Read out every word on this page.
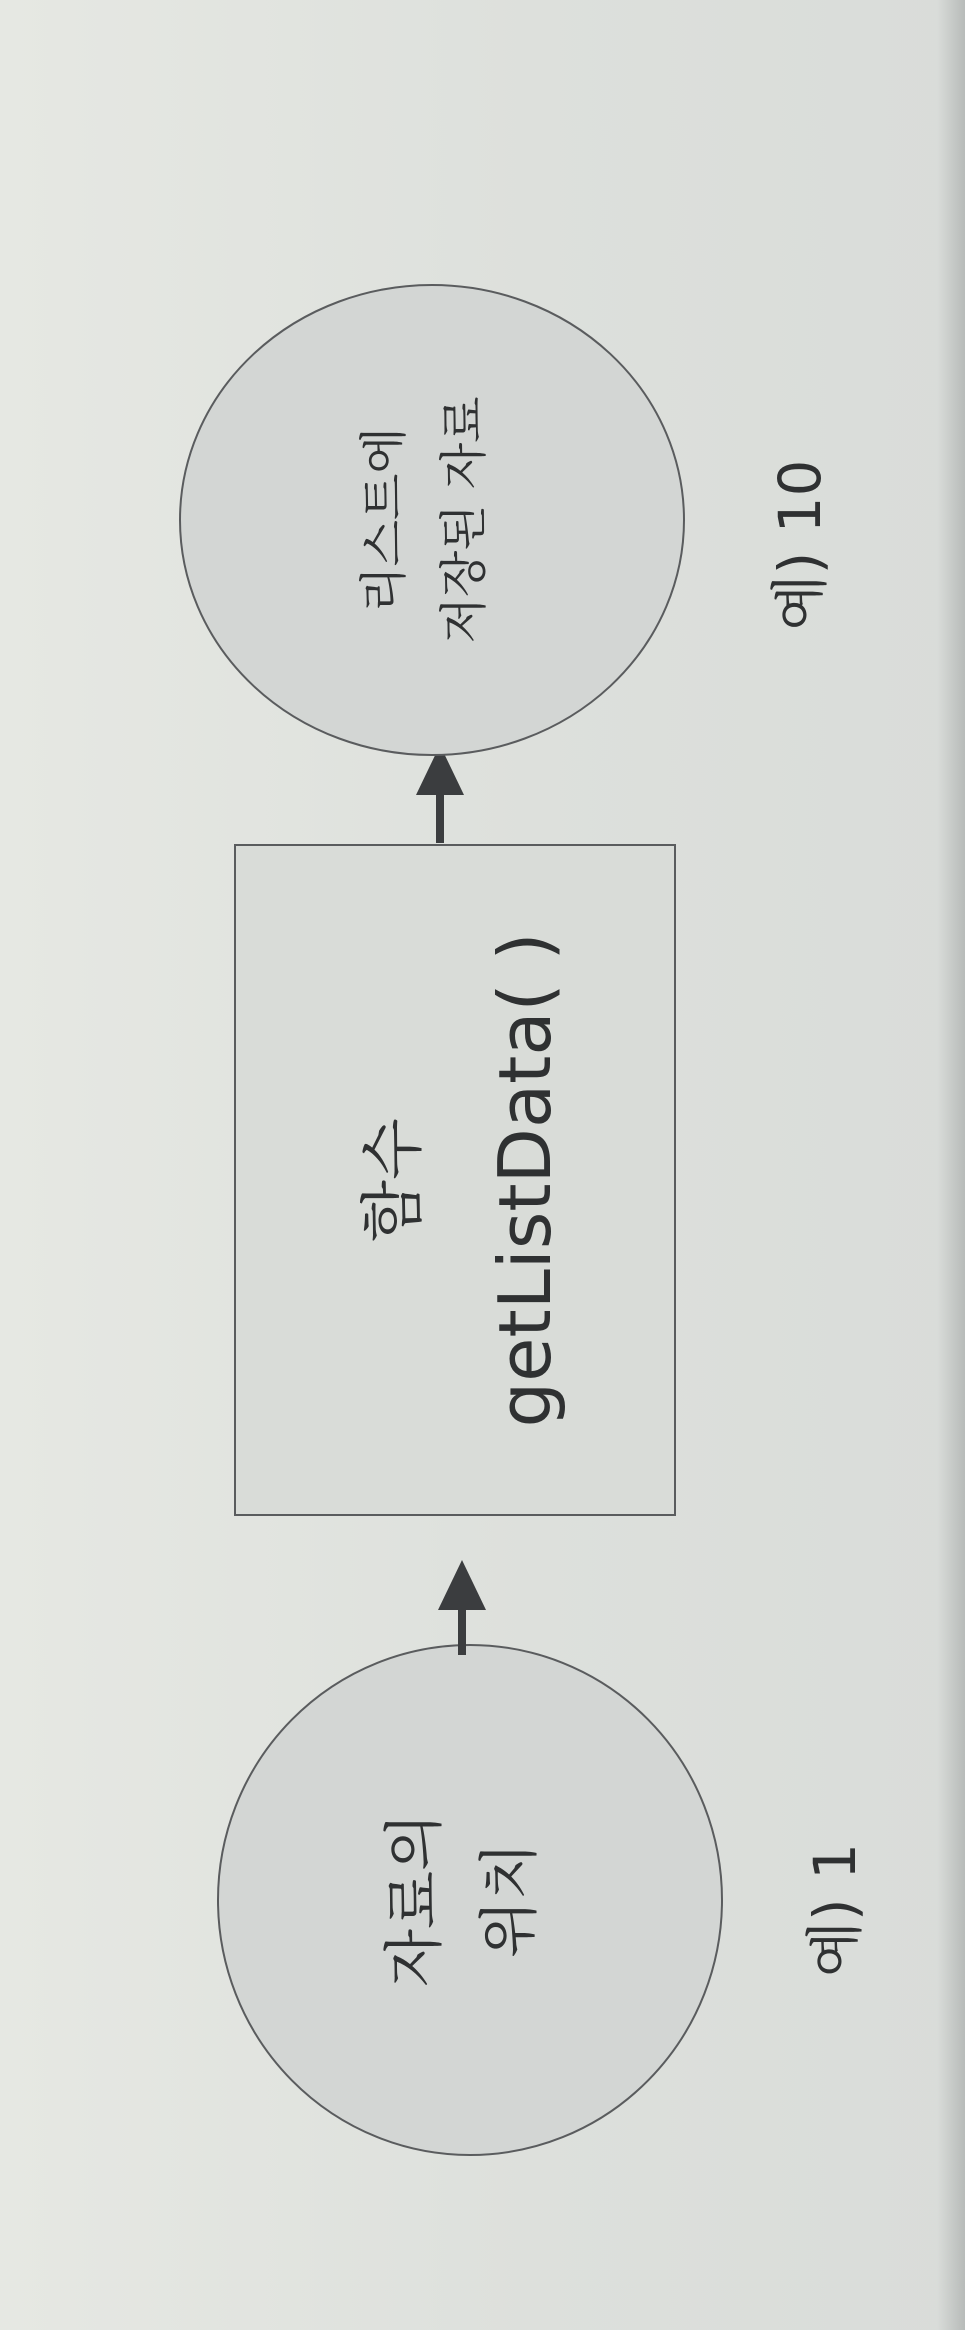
자료의 위치
함수 getListData( )
리스트에 저장된 자료
예) 1
예) 10
